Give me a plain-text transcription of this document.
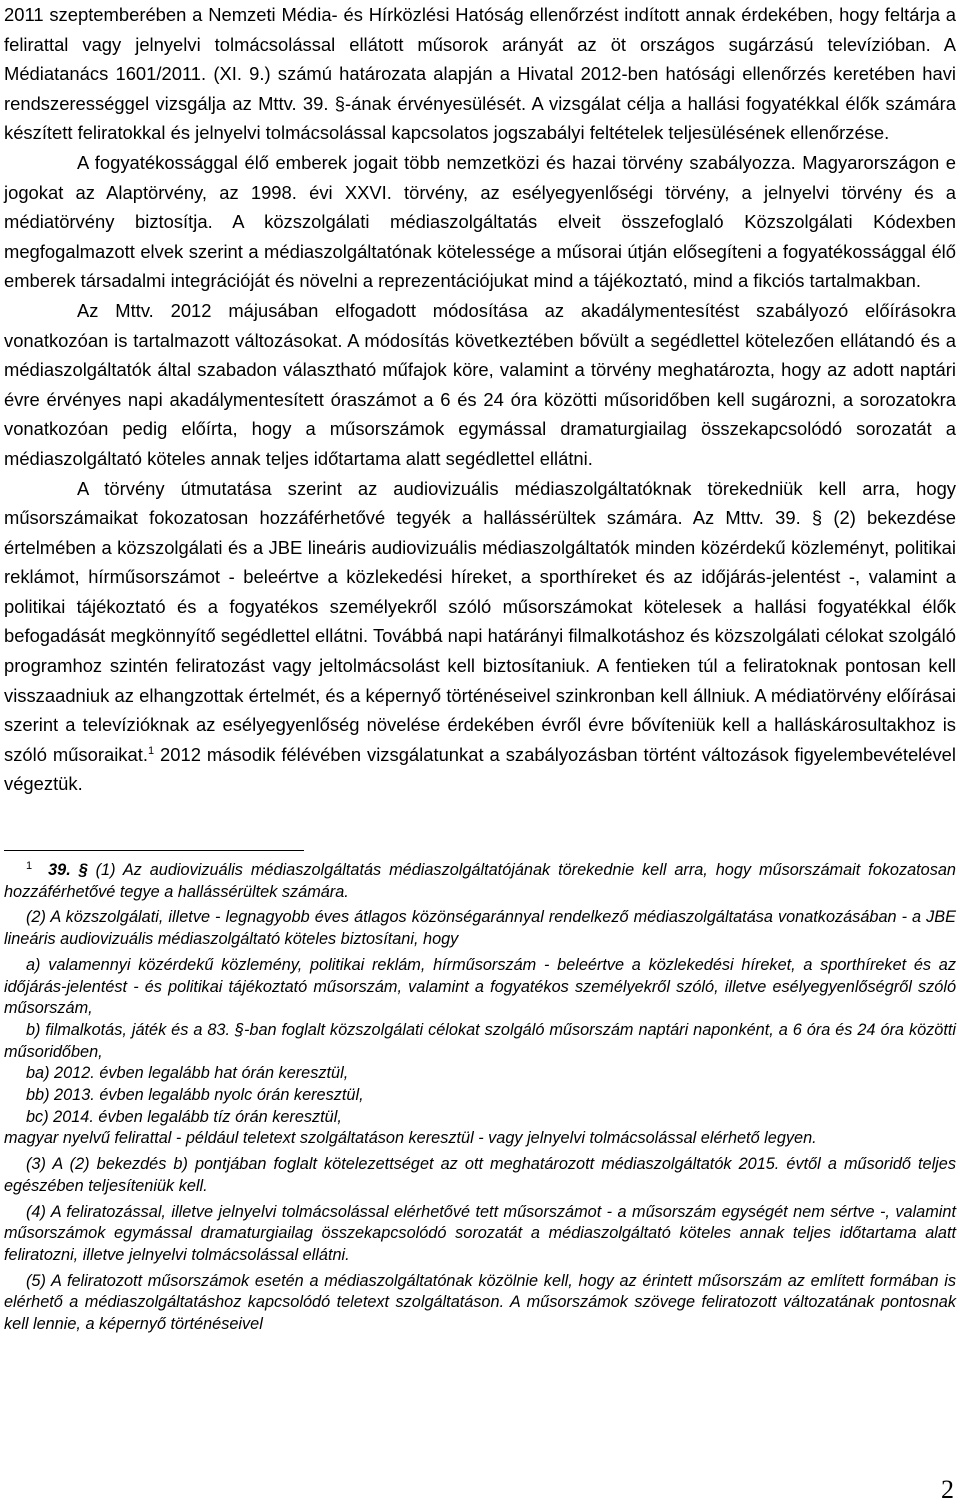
2011 szeptemberében a Nemzeti Média- és Hírközlési Hatóság ellenőrzést indított annak érdekében, hogy feltárja a felirattal vagy jelnyelvi tolmácsolással ellátott műsorok arányát az öt országos sugárzású televízióban. A Médiatanács 1601/2011. (XI. 9.) számú határozata alapján a Hivatal 2012-ben hatósági ellenőrzés keretében havi rendszerességgel vizsgálja az Mttv. 39. §-ának érvényesülését. A vizsgálat célja a hallási fogyatékkal élők számára készített feliratokkal és jelnyelvi tolmácsolással kapcsolatos jogszabályi feltételek teljesülésének ellenőrzése.

A fogyatékossággal élő emberek jogait több nemzetközi és hazai törvény szabályozza. Magyarországon e jogokat az Alaptörvény, az 1998. évi XXVI. törvény, az esélyegyenlőségi törvény, a jelnyelvi törvény és a médiatörvény biztosítja. A közszolgálati médiaszolgáltatás elveit összefoglaló Közszolgálati Kódexben megfogalmazott elvek szerint a médiaszolgáltatónak kötelessége a műsorai útján elősegíteni a fogyatékossággal élő emberek társadalmi integrációját és növelni a reprezentációjukat mind a tájékoztató, mind a fikciós tartalmakban.

Az Mttv. 2012 májusában elfogadott módosítása az akadálymentesítést szabályozó előírásokra vonatkozóan is tartalmazott változásokat. A módosítás következtében bővült a segédlettel kötelezően ellátandó és a médiaszolgáltatók által szabadon választható műfajok köre, valamint a törvény meghatározta, hogy az adott naptári évre érvényes napi akadálymentesített óraszámot a 6 és 24 óra közötti műsoridőben kell sugározni, a sorozatokra vonatkozóan pedig előírta, hogy a műsorszámok egymással dramaturgiailag összekapcsolódó sorozatát a médiaszolgáltató köteles annak teljes időtartama alatt segédlettel ellátni.

A törvény útmutatása szerint az audiovizuális médiaszolgáltatóknak törekedniük kell arra, hogy műsorszámaikat fokozatosan hozzáférhetővé tegyék a hallássérültek számára. Az Mttv. 39. § (2) bekezdése értelmében a közszolgálati és a JBE lineáris audiovizuális médiaszolgáltatók minden közérdekű közleményt, politikai reklámot, hírműsorszámot - beleértve a közlekedési híreket, a sporthíreket és az időjárás-jelentést -, valamint a politikai tájékoztató és a fogyatékos személyekről szóló műsorszámokat kötelesek a hallási fogyatékkal élők befogadását megkönnyítő segédlettel ellátni. Továbbá napi határányi filmalkotáshoz és közszolgálati célokat szolgáló programhoz szintén feliratozást vagy jeltolmácsolást kell biztosítaniuk. A fentieken túl a feliratoknak pontosan kell visszaadniuk az elhangzottak értelmét, és a képernyő történéseivel szinkronban kell állniuk. A médiatörvény előírásai szerint a televízióknak az esélyegyenlőség növelése érdekében évről évre bővíteniük kell a halláskárosultakhoz is szóló műsoraikat.$^1$ 2012 második félévében vizsgálatunkat a szabályozásban történt változások figyelembevételével végeztük.

$^1$ 39. § (1) Az audiovizuális médiaszolgáltatás médiaszolgáltatójának törekednie kell arra, hogy műsorszámait fokozatosan hozzáférhetővé tegye a hallássérültek számára.

(2) A közszolgálati, illetve - legnagyobb éves átlagos közönségaránnyal rendelkező médiaszolgáltatása vonatkozásában - a JBE lineáris audiovizuális médiaszolgáltató köteles biztosítani, hogy

a) valamennyi közérdekű közlemény, politikai reklám, hírműsorszám - beleértve a közlekedési híreket, a sporthíreket és az időjárás-jelentést - és politikai tájékoztató műsorszám, valamint a fogyatékos személyekről szóló, illetve esélyegyenlőségről szóló műsorszám,

b) filmalkotás, játék és a 83. §-ban foglalt közszolgálati célokat szolgáló műsorszám naptári naponként, a 6 óra és 24 óra közötti műsoridőben,

ba) 2012. évben legalább hat órán keresztül,

bb) 2013. évben legalább nyolc órán keresztül,

bc) 2014. évben legalább tíz órán keresztül,

magyar nyelvű felirattal - például teletext szolgáltatáson keresztül - vagy jelnyelvi tolmácsolással elérhető legyen.

(3) A (2) bekezdés b) pontjában foglalt kötelezettséget az ott meghatározott médiaszolgáltatók 2015. évtől a műsoridő teljes egészében teljesíteniük kell.

(4) A feliratozással, illetve jelnyelvi tolmácsolással elérhetővé tett műsorszámot - a műsorszám egységét nem sértve -, valamint műsorszámok egymással dramaturgiailag összekapcsolódó sorozatát a médiaszolgáltató köteles annak teljes időtartama alatt feliratozni, illetve jelnyelvi tolmácsolással ellátni.

(5) A feliratozott műsorszámok esetén a médiaszolgáltatónak közölnie kell, hogy az érintett műsorszám az említett formában is elérhető a médiaszolgáltatáshoz kapcsolódó teletext szolgáltatáson. A műsorszámok szövege feliratozott változatának pontosnak kell lennie, a képernyő történéseivel

2
